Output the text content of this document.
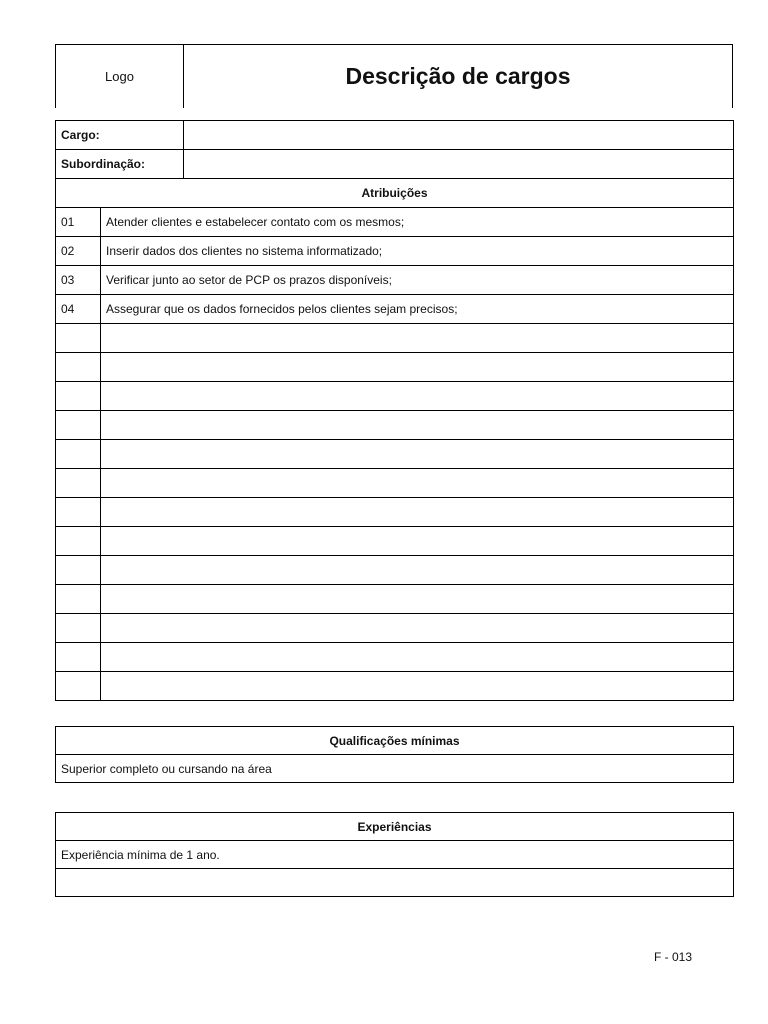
Logo	Descrição de cargos
Cargo:		
Subordinação:		
Atribuições		
01	Atender clientes e estabelecer contato com os mesmos;	
02	Inserir dados dos clientes no sistema informatizado;	
03	Verificar junto ao setor de PCP os prazos disponíveis;	
04	Assegurar que os dados fornecidos pelos clientes sejam precisos;	

Qualificações mínimas
Superior completo ou cursando na área
Experiências
Experiência mínima de 1 ano.

F - 013
